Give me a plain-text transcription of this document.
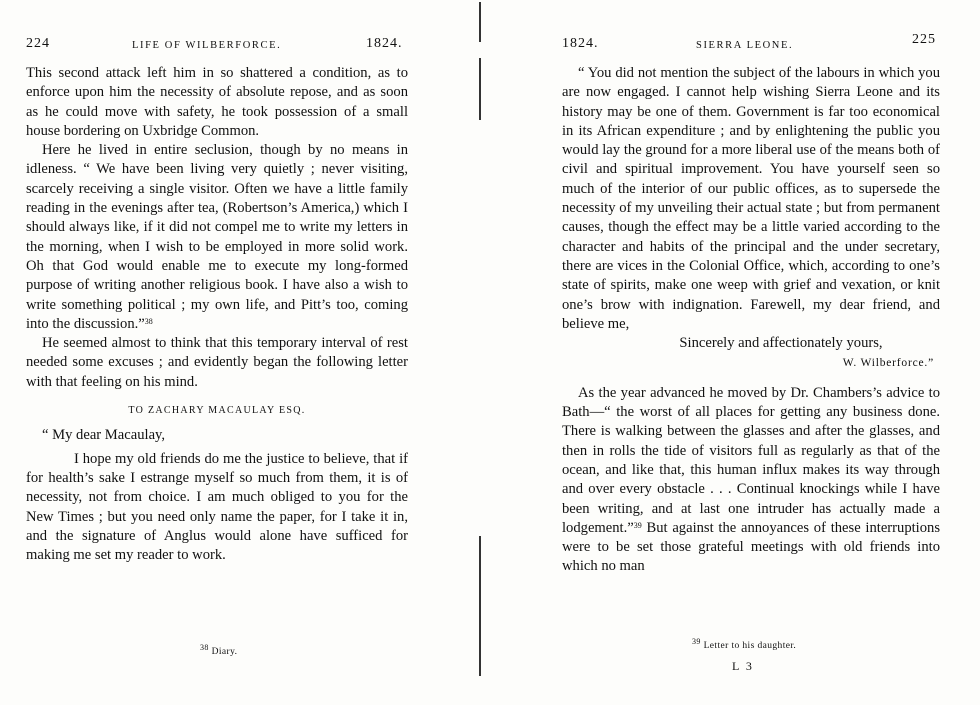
224	LIFE OF WILBERFORCE.	1824.

This second attack left him in so shattered a condition, as to enforce upon him the necessity of absolute repose, and as soon as he could move with safety, he took possession of a small house bordering on Uxbridge Common.

Here he lived in entire seclusion, though by no means in idleness. “ We have been living very quietly ; never visiting, scarcely receiving a single visitor. Often we have a little family reading in the evenings after tea, (Robertson’s America,) which I should always like, if it did not compel me to write my letters in the morning, when I wish to be employed in more solid work. Oh that God would enable me to execute my long-formed purpose of writing another religious book. I have also a wish to write something political ; my own life, and Pitt’s too, coming into the discussion.”$^{38}$

He seemed almost to think that this temporary interval of rest needed some excuses ; and evidently began the following letter with that feeling on his mind.

TO ZACHARY MACAULAY ESQ.

“ My dear Macaulay,

I hope my old friends do me the justice to believe, that if for health’s sake I estrange myself so much from them, it is of necessity, not from choice. I am much obliged to you for the New Times ; but you need only name the paper, for I take it in, and the signature of Anglus would alone have sufficed for making me set my reader to work.

$^{38}$ Diary.
1824.	SIERRA LEONE.	225

“ You did not mention the subject of the labours in which you are now engaged. I cannot help wishing Sierra Leone and its history may be one of them. Government is far too economical in its African expenditure ; and by enlightening the public you would lay the ground for a more liberal use of the means both of civil and spiritual improvement. You have yourself seen so much of the interior of our public offices, as to supersede the necessity of my unveiling their actual state ; but from permanent causes, though the effect may be a little varied according to the character and habits of the principal and the under secretary, there are vices in the Colonial Office, which, according to one’s state of spirits, make one weep with grief and vexation, or knit one’s brow with indignation. Farewell, my dear friend, and believe me,

Sincerely and affectionately yours,

W. Wilberforce.”

As the year advanced he moved by Dr. Chambers’s advice to Bath—“ the worst of all places for getting any business done. There is walking between the glasses and after the glasses, and then in rolls the tide of visitors full as regularly as that of the ocean, and like that, this human influx makes its way through and over every obstacle . . . Continual knockings while I have been writing, and at last one intruder has actually made a lodgement.”$^{39}$ But against the annoyances of these interruptions were to be set those grateful meetings with old friends into which no man

$^{39}$ Letter to his daughter.
L 3
